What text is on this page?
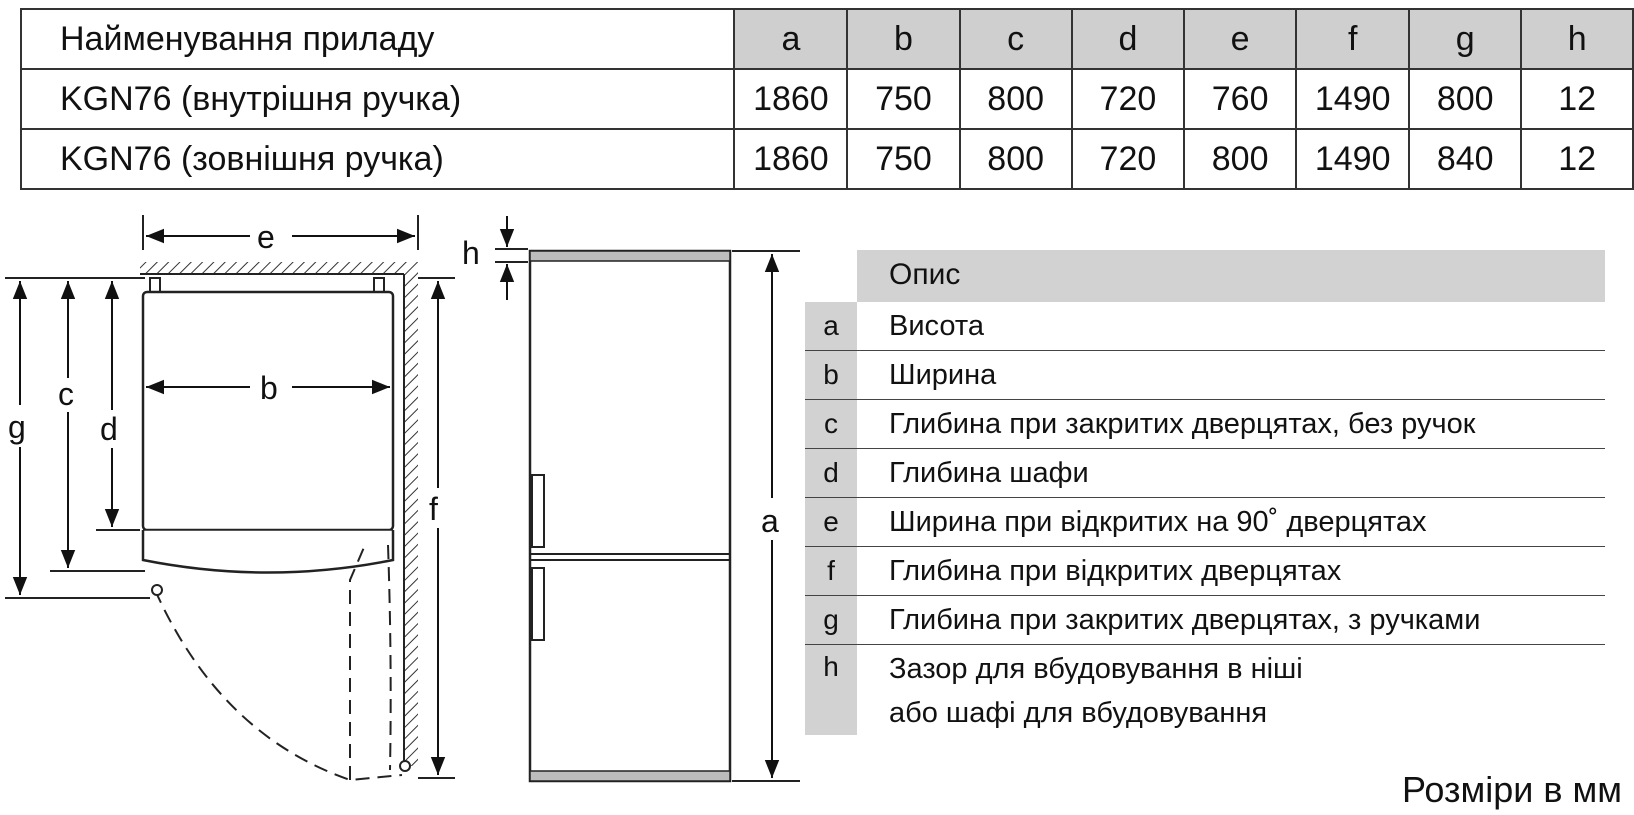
Найменування приладу	a	b	c	d	e	f	g	h
KGN76 (внутрішня ручка)	1860	750	800	720	760	1490	800	12
KGN76 (зовнішня ручка)	1860	750	800	720	800	1490	840	12
e
b
g
c
d
f
h
a
Опис
a	Висота
b	Ширина
c	Глибина при закритих дверцятах, без ручок
d	Глибина шафи
e	Ширина при відкритих на 90˚ дверцятах
f	Глибина при відкритих дверцятах
g	Глибина при закритих дверцятах, з ручками
h	Зазор для вбудовування в ніші
або шафі для вбудовування
Розміри в мм
